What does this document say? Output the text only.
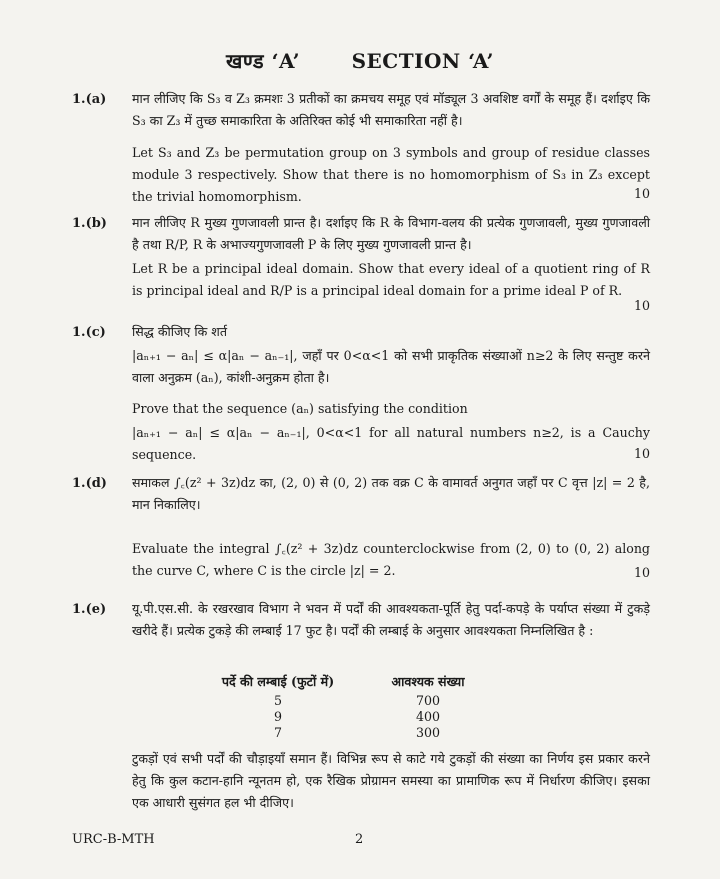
खण्ड ‘A’	SECTION ‘A’
1.(a) मान लीजिए कि S₃ व Z₃ क्रमशः 3 प्रतीकों का क्रमचय समूह एवं मॉड्यूल 3 अवशिष्ट वर्गों के समूह हैं। दर्शाइए कि S₃ का Z₃ में तुच्छ समाकारिता के अतिरिक्त कोई भी समाकारिता नहीं है।
Let S₃ and Z₃ be permutation group on 3 symbols and group of residue classes module 3 respectively. Show that there is no homomorphism of S₃ in Z₃ except the trivial homomorphism.	10
1.(b) मान लीजिए R मुख्य गुणजावली प्रान्त है। दर्शाइए कि R के विभाग-वलय की प्रत्येक गुणजावली, मुख्य गुणजावली है तथा R/P, R के अभाज्यगुणजावली P के लिए मुख्य गुणजावली प्रान्त है।
Let R be a principal ideal domain. Show that every ideal of a quotient ring of R is principal ideal and R/P is a principal ideal domain for a prime ideal P of R.
10
1.(c) सिद्ध कीजिए कि शर्त
|aₙ₊₁ − aₙ| ≤ α|aₙ − aₙ₋₁|, जहाँ पर 0<α<1 को सभी प्राकृतिक संख्याओं n≥2 के लिए सन्तुष्ट करने वाला अनुक्रम (aₙ), कांशी-अनुक्रम होता है।
Prove that the sequence (aₙ) satisfying the condition
|aₙ₊₁ − aₙ| ≤ α|aₙ − aₙ₋₁|, 0<α<1 for all natural numbers n≥2, is a Cauchy sequence.	10
1.(d) समाकल ∫꜀(z² + 3z)dz का, (2, 0) से (0, 2) तक वक्र C के वामावर्त अनुगत जहाँ पर C वृत्त |z| = 2 है, मान निकालिए।
Evaluate the integral ∫꜀(z² + 3z)dz counterclockwise from (2, 0) to (0, 2) along the curve C, where C is the circle |z| = 2.	10
1.(e) यू.पी.एस.सी. के रखरखाव विभाग ने भवन में पर्दों की आवश्यकता-पूर्ति हेतु पर्दा-कपड़े के पर्याप्त संख्या में टुकड़े खरीदे हैं। प्रत्येक टुकड़े की लम्बाई 17 फुट है। पर्दों की लम्बाई के अनुसार आवश्यकता निम्नलिखित है :
पर्दे की लम्बाई (फुटों में)	आवश्यक संख्या
5	700
9	400
7	300
टुकड़ों एवं सभी पर्दों की चौड़ाइयाँ समान हैं। विभिन्न रूप से काटे गये टुकड़ों की संख्या का निर्णय इस प्रकार करने हेतु कि कुल कटान-हानि न्यूनतम हो, एक रैखिक प्रोग्रामन समस्या का प्रामाणिक रूप में निर्धारण कीजिए। इसका एक आधारी सुसंगत हल भी दीजिए।
URC-B-MTH	2
